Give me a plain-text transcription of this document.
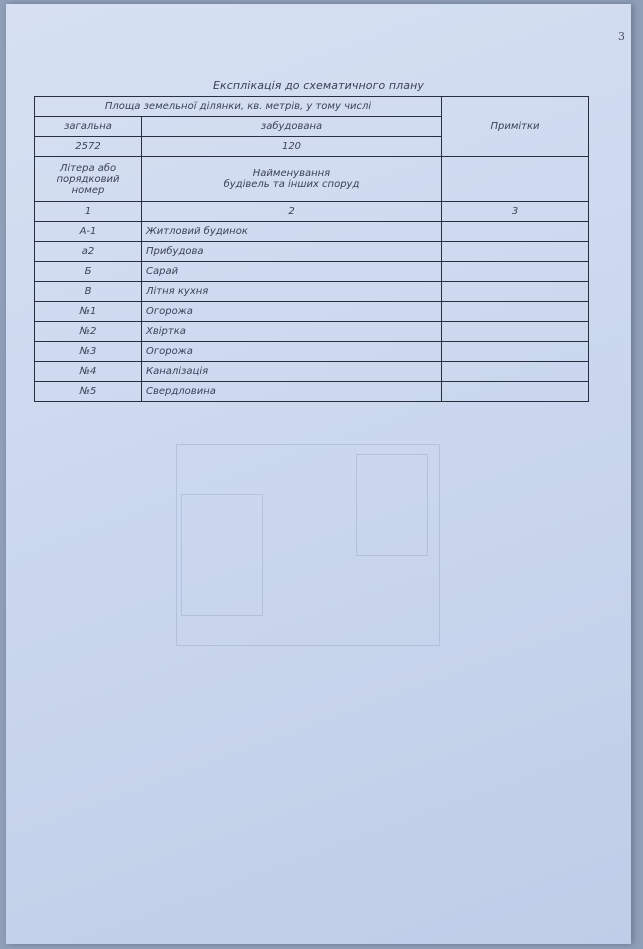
3
Експлікація до схематичного плану
Площа земельної ділянки, кв. метрів, у тому числі		Примітки
загальна	забудована	
2572	120	
Літера або порядковий номер	Найменування
будівель та інших споруд	

1	2	3
А-1	Житловий будинок	
а2	Прибудова	
Б	Сарай	
В	Літня кухня	
№1	Огорожа	
№2	Хвіртка	
№3	Огорожа	
№4	Каналізація	
№5	Свердловина	
